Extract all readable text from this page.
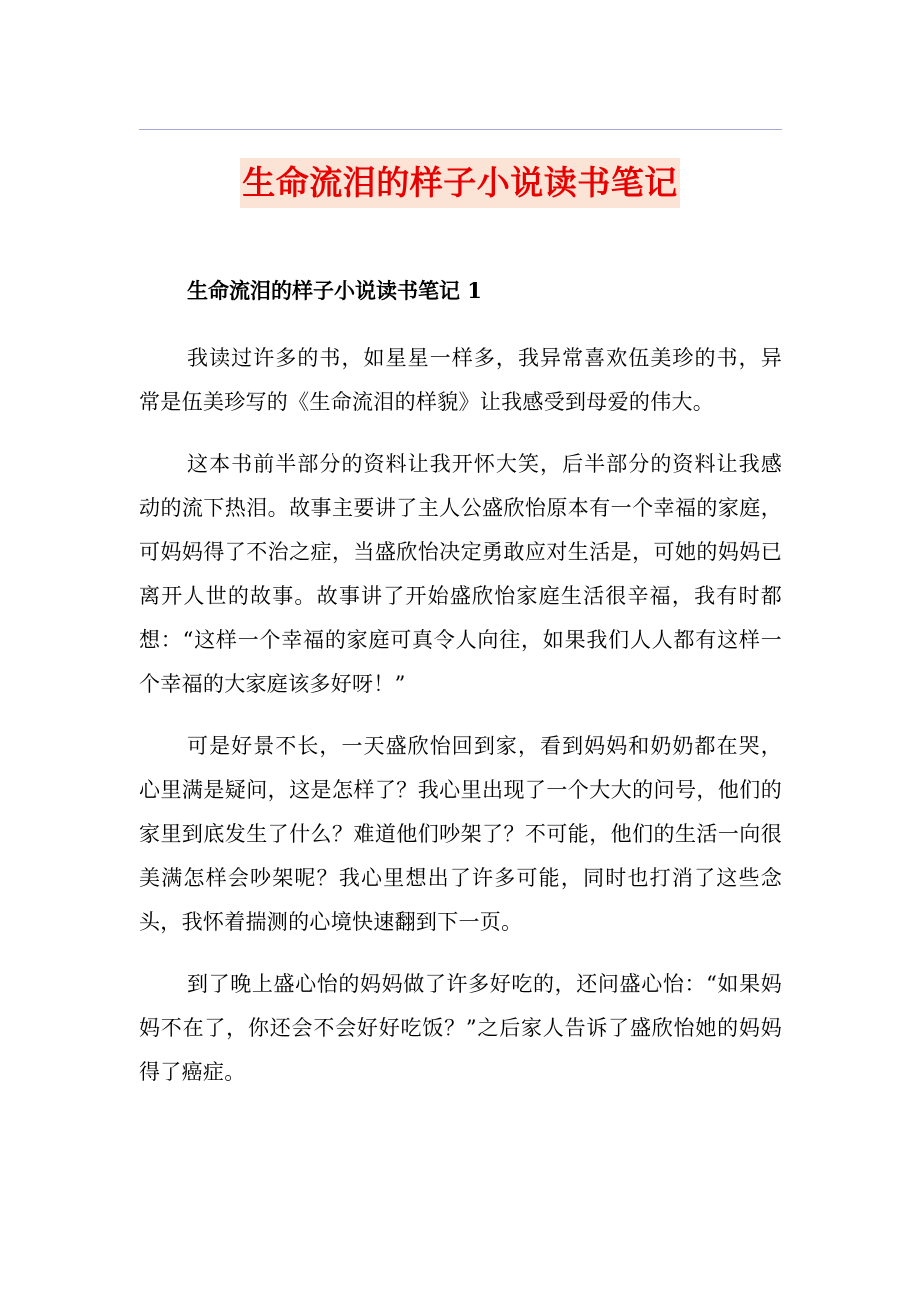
生命流泪的样子小说读书笔记
生命流泪的样子小说读书笔记 1

我读过许多的书，如星星一样多，我异常喜欢伍美珍的书，异常是伍美珍写的《生命流泪的样貌》让我感受到母爱的伟大。

这本书前半部分的资料让我开怀大笑，后半部分的资料让我感动的流下热泪。故事主要讲了主人公盛欣怡原本有一个幸福的家庭，可妈妈得了不治之症，当盛欣怡决定勇敢应对生活是，可她的妈妈已离开人世的故事。故事讲了开始盛欣怡家庭生活很辛福，我有时都想：“这样一个幸福的家庭可真令人向往，如果我们人人都有这样一个幸福的大家庭该多好呀！”

可是好景不长，一天盛欣怡回到家，看到妈妈和奶奶都在哭，心里满是疑问，这是怎样了？我心里出现了一个大大的问号，他们的家里到底发生了什么？难道他们吵架了？不可能，他们的生活一向很美满怎样会吵架呢？我心里想出了许多可能，同时也打消了这些念头，我怀着揣测的心境快速翻到下一页。

到了晚上盛心怡的妈妈做了许多好吃的，还问盛心怡：“如果妈妈不在了，你还会不会好好吃饭？”之后家人告诉了盛欣怡她的妈妈得了癌症。
